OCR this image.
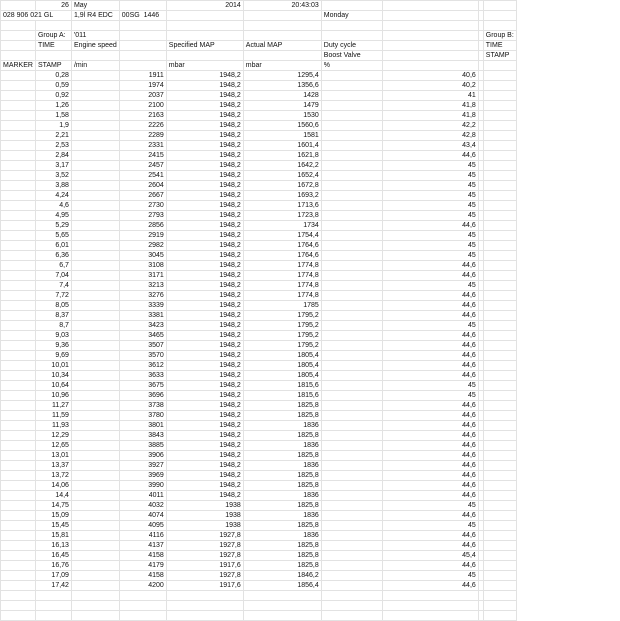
	26	May		2014	20:43:03				
028 906 021 GL		1,9l R4 EDC	00SG 1446			Monday			

	Group A:	'011							Group B:
	TIME	Engine speed		Specified MAP	Actual MAP	Duty cycle			TIME
						Boost Valve			STAMP
MARKER	STAMP	/min		mbar	mbar	%			
	0,28		1911	1948,2	1295,4		40,6		
	0,59		1974	1948,2	1356,6		40,2		
	0,92		2037	1948,2	1428		41		
	1,26		2100	1948,2	1479		41,8		
	1,58		2163	1948,2	1530		41,8		
	1,9		2226	1948,2	1560,6		42,2		
	2,21		2289	1948,2	1581		42,8		
	2,53		2331	1948,2	1601,4		43,4		
	2,84		2415	1948,2	1621,8		44,6		
	3,17		2457	1948,2	1642,2		45		
	3,52		2541	1948,2	1652,4		45		
	3,88		2604	1948,2	1672,8		45		
	4,24		2667	1948,2	1693,2		45		
	4,6		2730	1948,2	1713,6		45		
	4,95		2793	1948,2	1723,8		45		
	5,29		2856	1948,2	1734		44,6		
	5,65		2919	1948,2	1754,4		45		
	6,01		2982	1948,2	1764,6		45		
	6,36		3045	1948,2	1764,6		45		
	6,7		3108	1948,2	1774,8		44,6		
	7,04		3171	1948,2	1774,8		44,6		
	7,4		3213	1948,2	1774,8		45		
	7,72		3276	1948,2	1774,8		44,6		
	8,05		3339	1948,2	1785		44,6		
	8,37		3381	1948,2	1795,2		44,6		
	8,7		3423	1948,2	1795,2		45		
	9,03		3465	1948,2	1795,2		44,6		
	9,36		3507	1948,2	1795,2		44,6		
	9,69		3570	1948,2	1805,4		44,6		
	10,01		3612	1948,2	1805,4		44,6		
	10,34		3633	1948,2	1805,4		44,6		
	10,64		3675	1948,2	1815,6		45		
	10,96		3696	1948,2	1815,6		45		
	11,27		3738	1948,2	1825,8		44,6		
	11,59		3780	1948,2	1825,8		44,6		
	11,93		3801	1948,2	1836		44,6		
	12,29		3843	1948,2	1825,8		44,6		
	12,65		3885	1948,2	1836		44,6		
	13,01		3906	1948,2	1825,8		44,6		
	13,37		3927	1948,2	1836		44,6		
	13,72		3969	1948,2	1825,8		44,6		
	14,06		3990	1948,2	1825,8		44,6		
	14,4		4011	1948,2	1836		44,6		
	14,75		4032	1938	1825,8		45		
	15,09		4074	1938	1836		44,6		
	15,45		4095	1938	1825,8		45		
	15,81		4116	1927,8	1836		44,6		
	16,13		4137	1927,8	1825,8		44,6		
	16,45		4158	1927,8	1825,8		45,4		
	16,76		4179	1917,6	1825,8		44,6		
	17,09		4158	1927,8	1846,2		45		
	17,42		4200	1917,6	1856,4		44,6		
